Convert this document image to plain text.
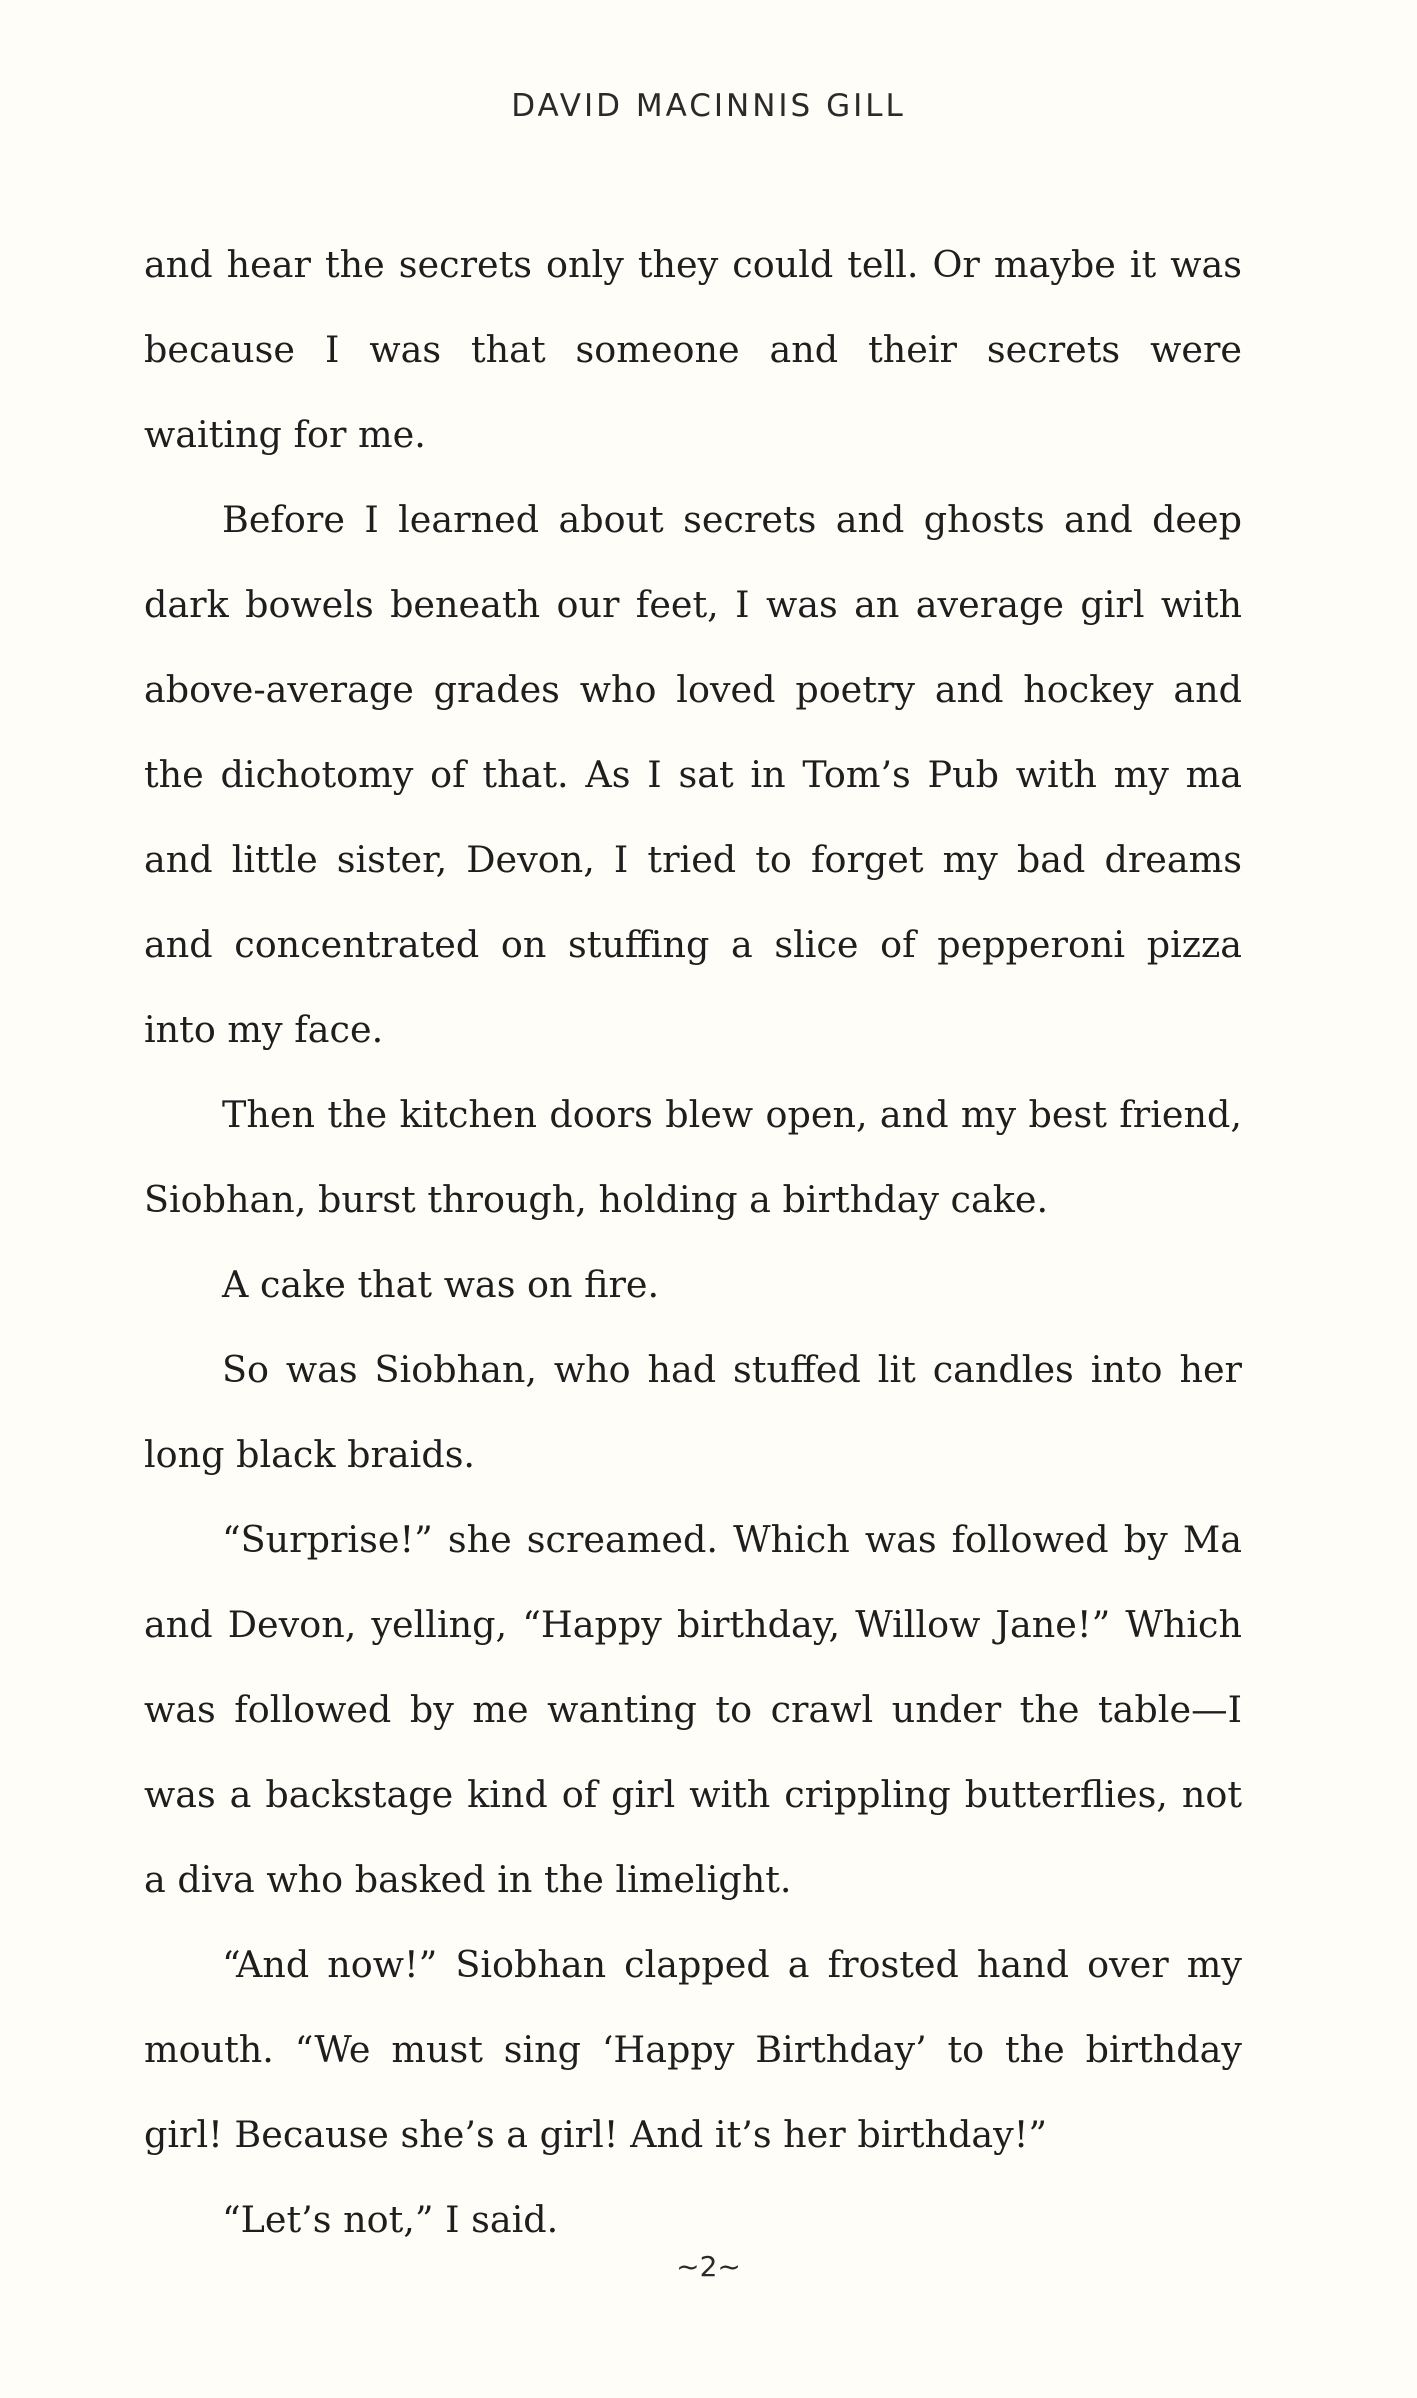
DAVID MACINNIS GILL

and hear the secrets only they could tell. Or maybe it was because I was that someone and their secrets were waiting for me.

Before I learned about secrets and ghosts and deep dark bowels beneath our feet, I was an average girl with above-average grades who loved poetry and hockey and the dichotomy of that. As I sat in Tom’s Pub with my ma and little sister, Devon, I tried to forget my bad dreams and concentrated on stuffing a slice of pepperoni pizza into my face.

Then the kitchen doors blew open, and my best friend, Siobhan, burst through, holding a birthday cake.

A cake that was on fire.

So was Siobhan, who had stuffed lit candles into her long black braids.

“Surprise!” she screamed. Which was followed by Ma and Devon, yelling, “Happy birthday, Willow Jane!” Which was followed by me wanting to crawl under the table—I was a backstage kind of girl with crippling butterflies, not a diva who basked in the limelight.

“And now!” Siobhan clapped a frosted hand over my mouth. “We must sing ‘Happy Birthday’ to the birthday girl! Because she’s a girl! And it’s her birthday!”

“Let’s not,” I said.

~2~
